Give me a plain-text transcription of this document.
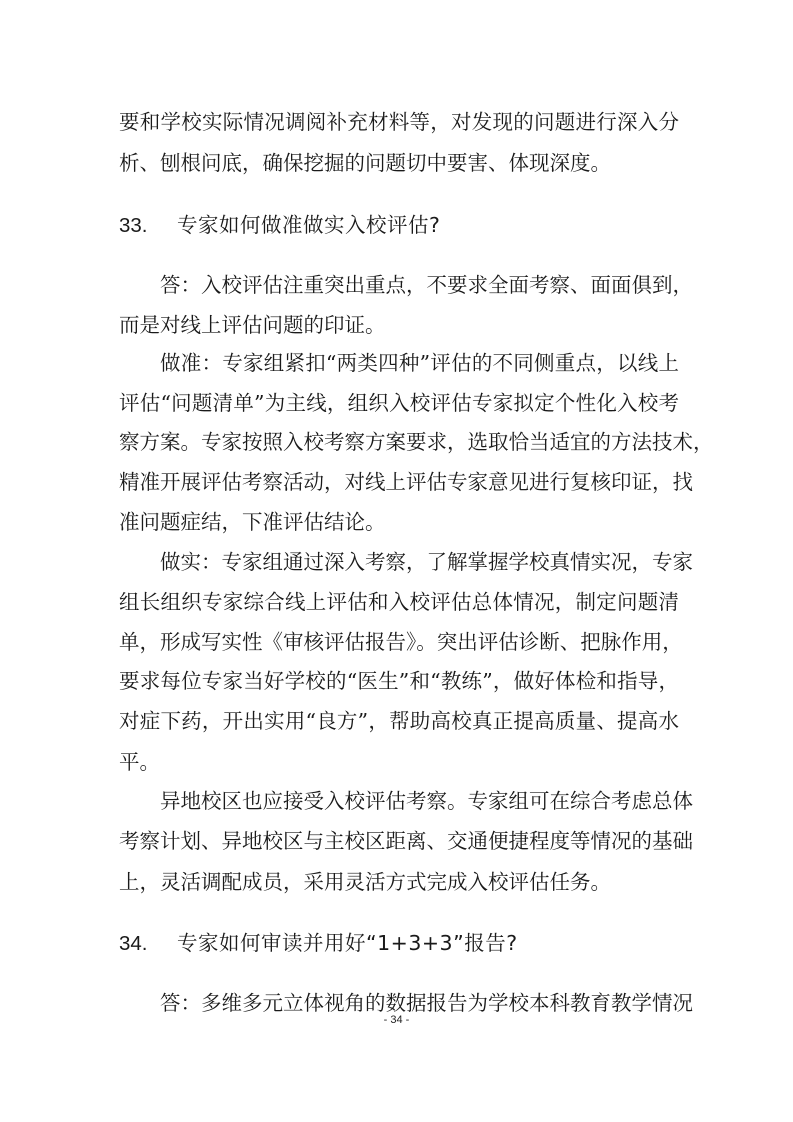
要和学校实际情况调阅补充材料等，对发现的问题进行深入分
析、刨根问底，确保挖掘的问题切中要害、体现深度。
33. 专家如何做准做实入校评估?
答：入校评估注重突出重点，不要求全面考察、面面俱到，
而是对线上评估问题的印证。
做准：专家组紧扣“两类四种”评估的不同侧重点，以线上
评估“问题清单”为主线，组织入校评估专家拟定个性化入校考
察方案。专家按照入校考察方案要求，选取恰当适宜的方法技术，
精准开展评估考察活动，对线上评估专家意见进行复核印证，找
准问题症结，下准评估结论。
做实：专家组通过深入考察，了解掌握学校真情实况，专家
组长组织专家综合线上评估和入校评估总体情况，制定问题清
单，形成写实性《审核评估报告》。突出评估诊断、把脉作用，
要求每位专家当好学校的“医生”和“教练”，做好体检和指导，
对症下药，开出实用“良方”，帮助高校真正提高质量、提高水
平。
异地校区也应接受入校评估考察。专家组可在综合考虑总体
考察计划、异地校区与主校区距离、交通便捷程度等情况的基础
上，灵活调配成员，采用灵活方式完成入校评估任务。
34. 专家如何审读并用好“1+3+3”报告?
答：多维多元立体视角的数据报告为学校本科教育教学情况
- 34 -
